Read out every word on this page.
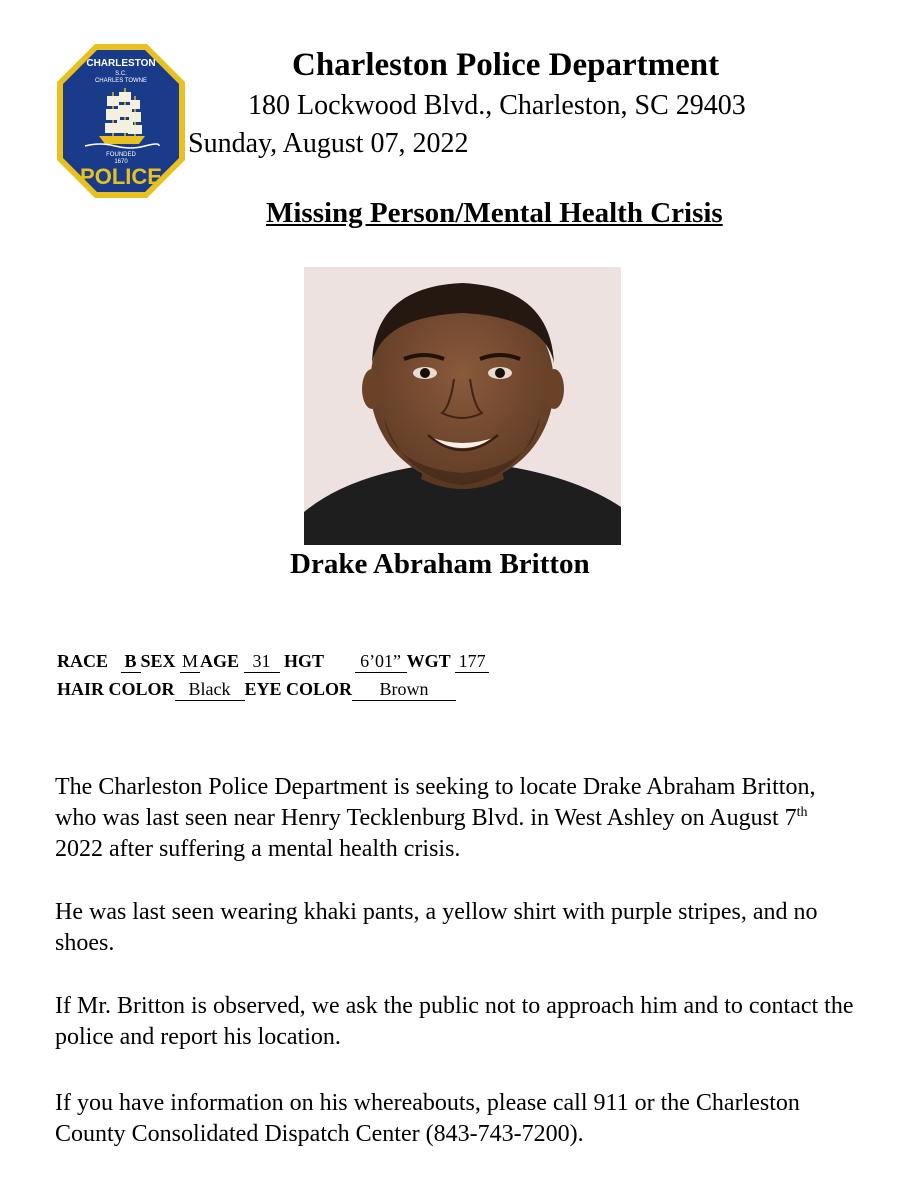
CHARLESTON
S.C.
CHARLES TOWNE
FOUNDED
1670
POLICE
Charleston Police Department
180 Lockwood Blvd., Charleston, SC 29403
Sunday, August 07, 2022
Missing Person/Mental Health Crisis
Drake Abraham Britton
RACE B SEX M AGE 31 HGT 6’01” WGT 177
HAIR COLOR Black EYE COLOR Brown
The Charleston Police Department is seeking to locate Drake Abraham Britton, who was last seen near Henry Tecklenburg Blvd. in West Ashley on August 7th 2022 after suffering a mental health crisis.
He was last seen wearing khaki pants, a yellow shirt with purple stripes, and no shoes.
If Mr. Britton is observed, we ask the public not to approach him and to contact the police and report his location.
If you have information on his whereabouts, please call 911 or the Charleston County Consolidated Dispatch Center (843-743-7200).
